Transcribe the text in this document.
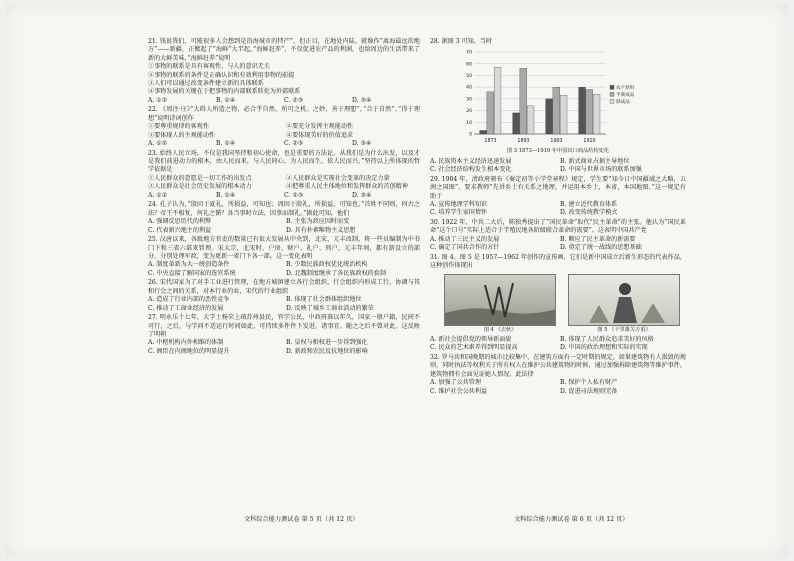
21. 钱说我们，可能很多人会想到是沿海城市的特产”，但正目，在地处内陆，就像作”离海最远的地方”——新疆，正掀起了”海鲜”大半起，”海鲜赶养”，不仅促进农产品的利润，也给周边的生活带来了新的大鲜美味，”海鲜赶养”说明
①事物的联系是具有客观性，与人的意识无关
②事物的联系的条件是正确认识和有效利用事物的前提
③人们可以通过改变条件建立新的具体联系
④事物发展的关键在于把事物的内部联系转化为外部联系
A. ①②	B. ①④	C. ②③	D. ③④
22. 《周注·庄》”大碍人所造之物，必合乎自然，所可之机。之妙，善于理想”，”合于自然”，”得于理想”说明诗词创作
①要尊重规律的客观性	②要充分发挥主观能动性
③要体现人的主观能动性	④要体现美好的价值追求
A. ①②	B. ①④	C. ②③	D. ③④
23. 始终人民立场，不仅是我国坚持和初心使命，也是重要的方法论。从我们是为什么出发，以及才是我们前进动力的根本，由人民而来，与人民同心，为人民而生，依人民而兴。”坚持以上所体现的哲学依据是
①人民群众的意愿是一切工作的出发点	②人民群众是实现社会变革的决定力量
③人民群众是社会历史发展的根本动力	④把尊重人民主体地位和发挥群众的首创精神
A. ①②	B. ①④	C. ②③	D. ③④
24. 孔子认为，”殷因于夏礼，所损益，可知也；周因于殷礼，所损益，可知也。”首姓不同则，何古之法？帝王不相复，何礼之循？各当事时立法，因事而制礼。”据此可知，他们
A. 强调反思历代的利弊	B. 主张为政应因时而变
C. 代表新兴地主的利益	D. 具有朴素唯物主义思想
25. 汉唐以来，各级地方官吏的数量已有很大发展从中央到，北宋，元丰改制，将一些员编制为中书门下和三省六部来管理。宋太宗，北宋时，户房、财户、礼户、刑户，元丰年间，都有新设立的部分，分别处理军政，变为更新一省门下各一部。这一变化表明
A. 制度革新为大一统创造条件	B. 少数民族政权优化统治机构
C. 中央直接了解国家的选官系统	D. 北魏制度继承了各民族政权的套制
26. 宋代国家为了对手工业进行管理，在地方城镇建立各行会组织，行会组织内形成工行，协调与其和行会之间的关系，对本行业的业，宋代的行业组织
A. 造成了行业内部的恶性竞争	B. 体现了社会群体组织地位
C. 推动了工商业经济的发展	D. 反映了城乡工商业活动的繁荣
27. 明永乐十七年，大学士杨荣上疏苏州县民，官学公民，中政府准以年久，国家一般户籍，民间不可行，之后，与学问不适运行时间如此，可持续多件件下发进，诸事宜。随之之后不曾对此。这反映了明朝
A. 中枢机构内外相维的体制	B. 皇权与相权进一步得到强化
C. 阁臣在内阁地位的明显提升	D. 新政和农民反抗地位的影响
28. 据图 3 可知，当时
0
10
20
30
40
50
60
70
1873	1893	1903	1910
农产原料
半制成品
制成品
图 3 1873—1910 年中国出口商品结构变化
A. 民族资本主义经济迅速发展	B. 新式商业占据主导地位
C. 社会经济结构发生根本变化	D. 中国与世界市场的联系加强
29. 1904 年，清政府颁布《奏定初等小学堂章程》规定，学生要”知今日中国疆域之大略，五洲之国图”，要求教师”先讲乡土有关系之地理，并运用本乡土，本省，本国地图。”这一规定有助于
A. 宣传地理学科知识	B. 建立近代教育体系
C. 培养学生家国情怀	D. 改变传统教学模式
30. 1922 年，中共二大后，陈独秀提出了”国民革命”取代”民主革命”的主张。他认为”国民革命”这个口号”实际上适合于半殖民地各阶级联合革命的需要”。这表明中国共产党
A. 推动了三民主义的发展	B. 顺应了民主革命的新需要
C. 确定了国共合作的方针	D. 奠定了统一战线的思想基础
31. 图 4、图 5 是 1957—1962 年创作的宣传画，它们是新中国成立后新生形态的代表作品，这种创作体现出
图 4 《去秋》	图 5 《千里雄关万重》
A. 新社会提倡党的领导新面貌	B. 体现了人民群众追求美好的风格
C. 民众的艺术素养得到明显提高	D. 中国的政治理想和实际的实现
32. 罗马共和国晚期的城市比较集中，在建筑方面有一定时期的规定，如果建筑物有人损毁的规则，同时执法等权利关于所有权人在维护公共建筑物的时候，通过加强拆除建筑物等维护事件，建筑物拥有会面见证她人情况。此法律
A. 加强了公共管理	B. 保护个人私有财产
C. 维护社会公共利益	D. 促进司法规则完备
文科综合能力测试卷 第 5 页（共 12 页）	文科综合能力测试卷 第 6 页（共 12 页）
